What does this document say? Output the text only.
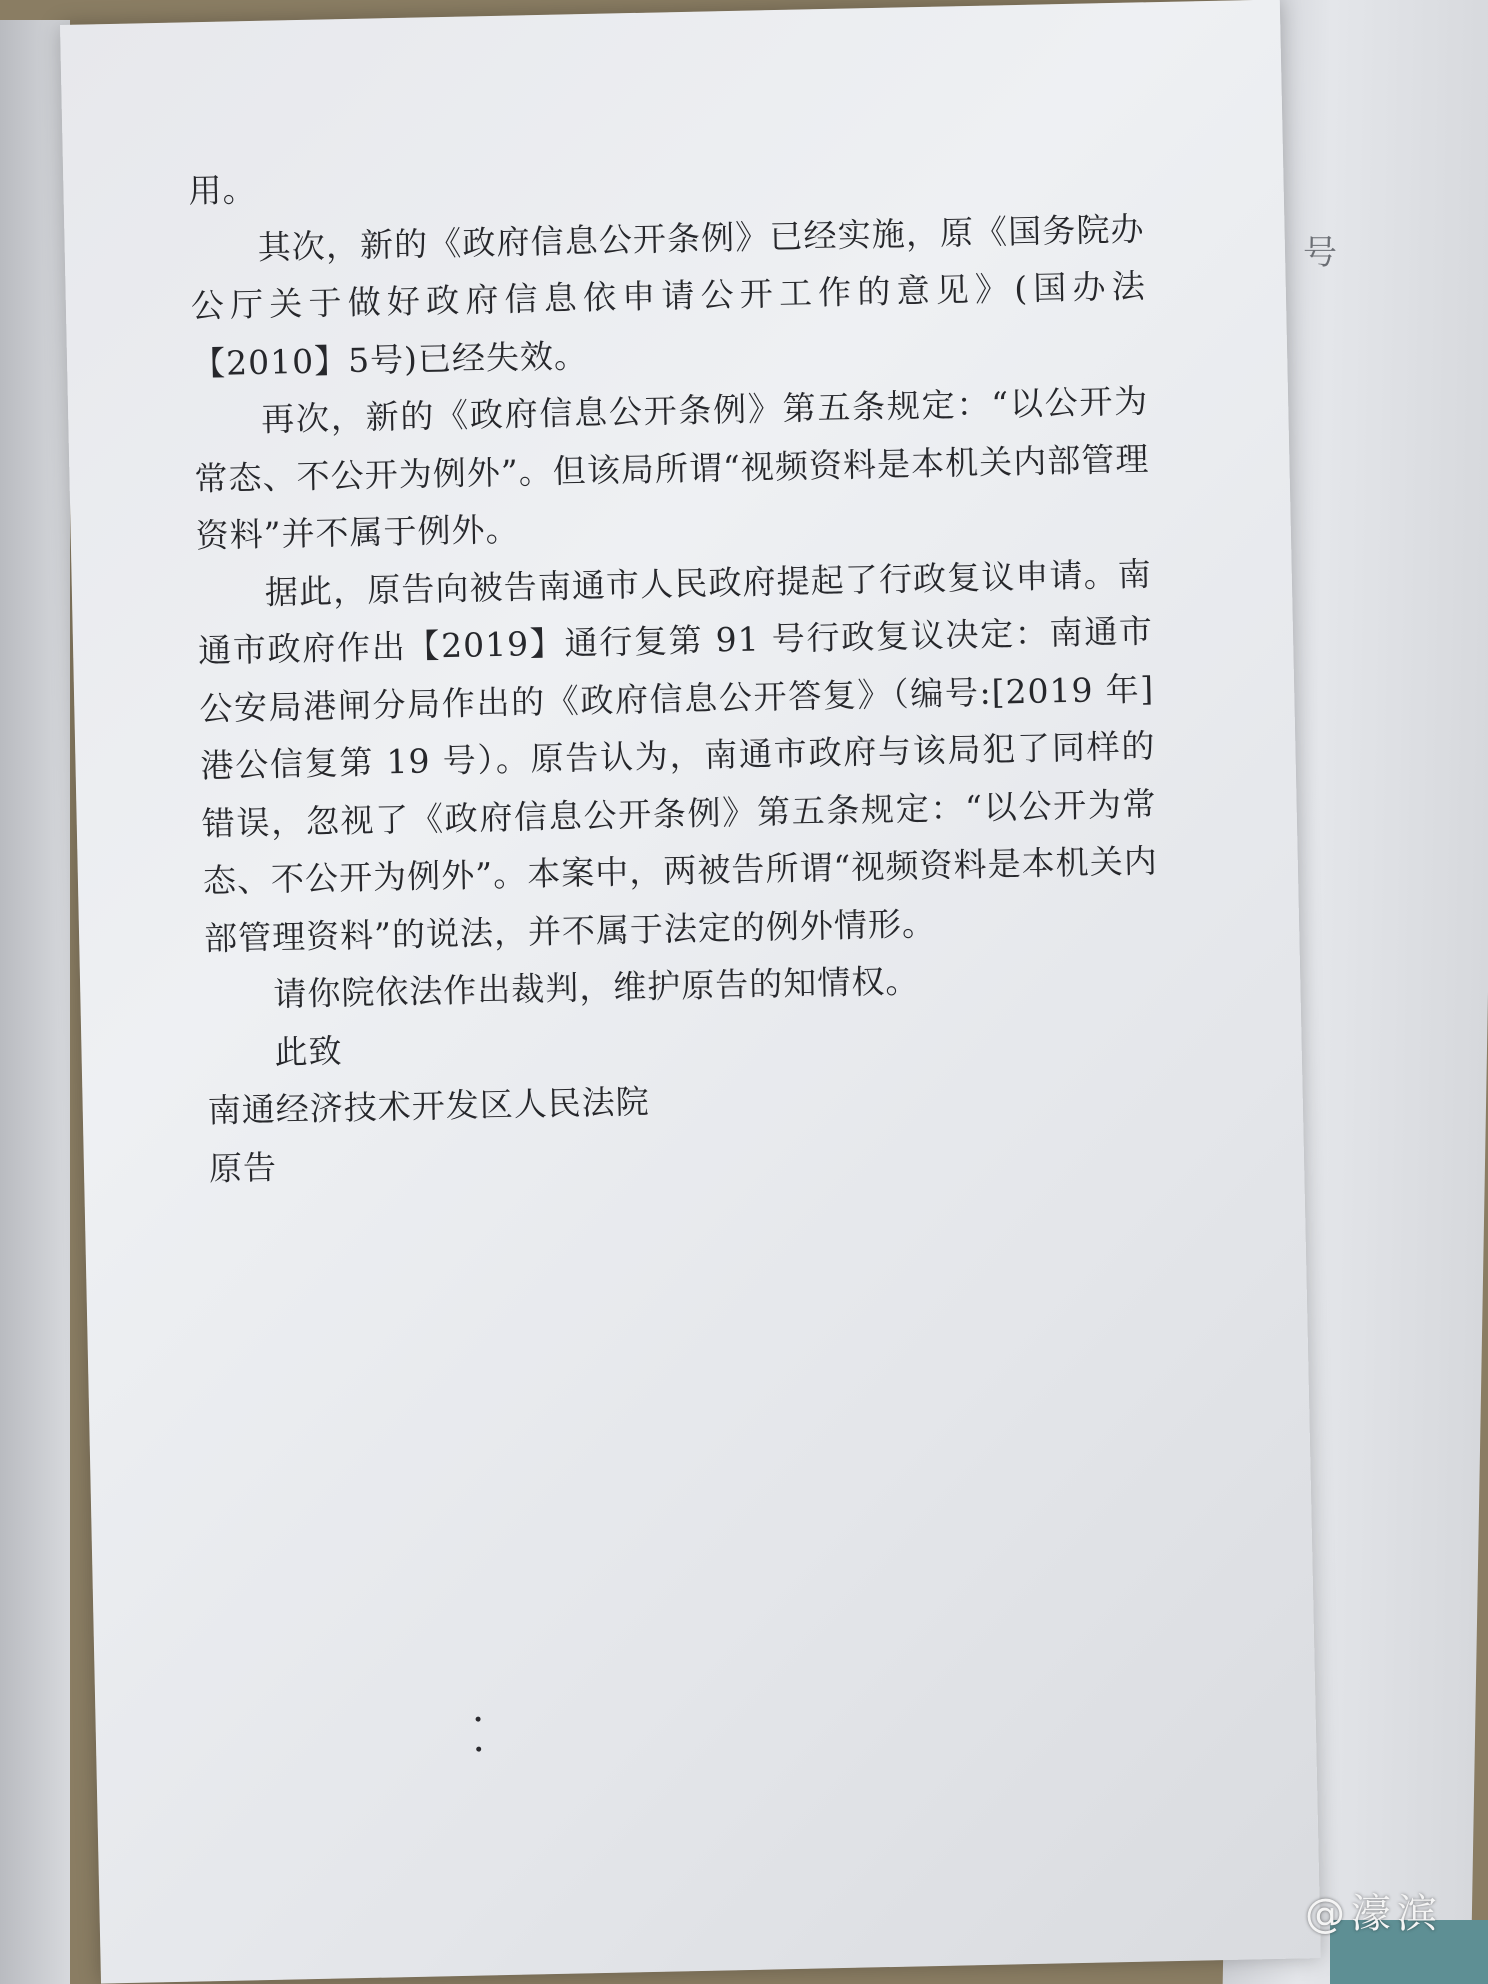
号

用。

其次，新的《政府信息公开条例》已经实施，原《国务院办公厅关于做好政府信息依申请公开工作的意见》(国办法【2010】5号)已经失效。

再次，新的《政府信息公开条例》第五条规定：“以公开为常态、不公开为例外”。但该局所谓“视频资料是本机关内部管理资料”并不属于例外。

据此，原告向被告南通市人民政府提起了行政复议申请。南通市政府作出【2019】通行复第 91 号行政复议决定：南通市公安局港闸分局作出的《政府信息公开答复》（编号:[2019 年]港公信复第 19 号）。原告认为，南通市政府与该局犯了同样的错误，忽视了《政府信息公开条例》第五条规定：“以公开为常态、不公开为例外”。本案中，两被告所谓“视频资料是本机关内部管理资料”的说法，并不属于法定的例外情形。

请你院依法作出裁判，维护原告的知情权。

此致

南通经济技术开发区人民法院

原告

@濠滨
